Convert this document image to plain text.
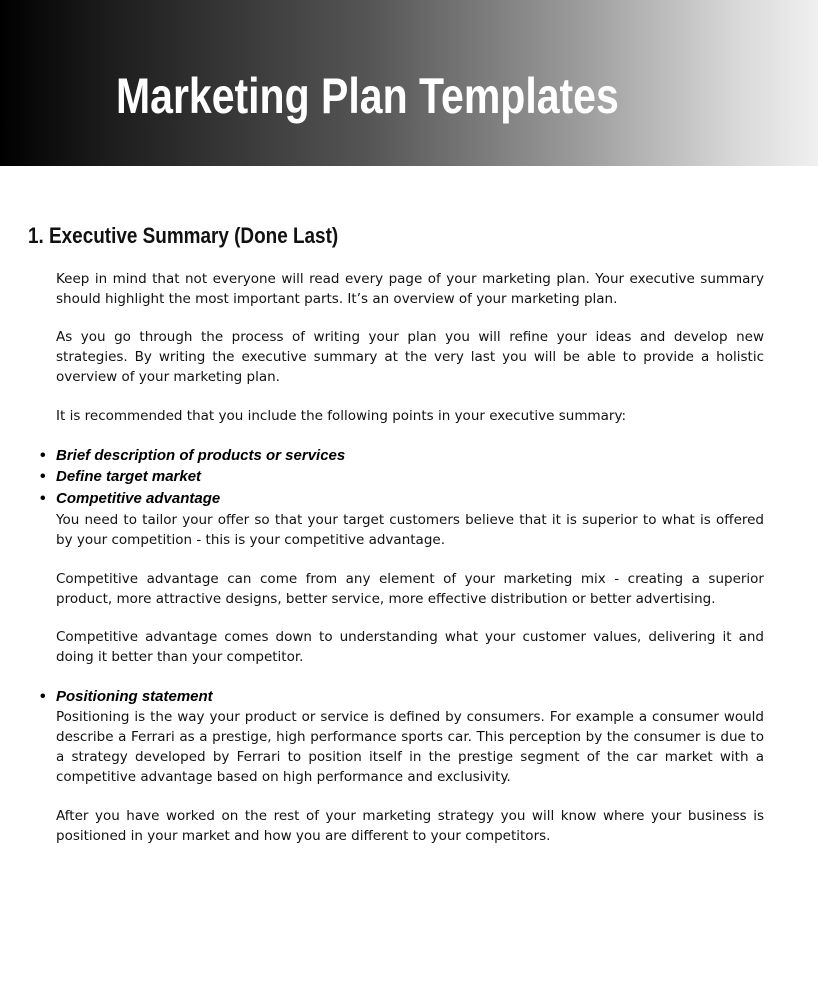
Marketing Plan Templates
1. Executive Summary (Done Last)

Keep in mind that not everyone will read every page of your marketing plan. Your executive summary should highlight the most important parts. It’s an overview of your marketing plan.

As you go through the process of writing your plan you will refine your ideas and develop new strategies. By writing the executive summary at the very last you will be able to provide a holistic overview of your marketing plan.

It is recommended that you include the following points in your executive summary:

• Brief description of products or services
• Define target market
• Competitive advantage

You need to tailor your offer so that your target customers believe that it is superior to what is offered by your competition - this is your competitive advantage.

Competitive advantage can come from any element of your marketing mix - creating a superior product, more attractive designs, better service, more effective distribution or better advertising.

Competitive advantage comes down to understanding what your customer values, delivering it and doing it better than your competitor.

• Positioning statement

Positioning is the way your product or service is defined by consumers. For example a consumer would describe a Ferrari as a prestige, high performance sports car. This perception by the consumer is due to a strategy developed by Ferrari to position itself in the prestige segment of the car market with a competitive advantage based on high performance and exclusivity.

After you have worked on the rest of your marketing strategy you will know where your business is positioned in your market and how you are different to your competitors.
